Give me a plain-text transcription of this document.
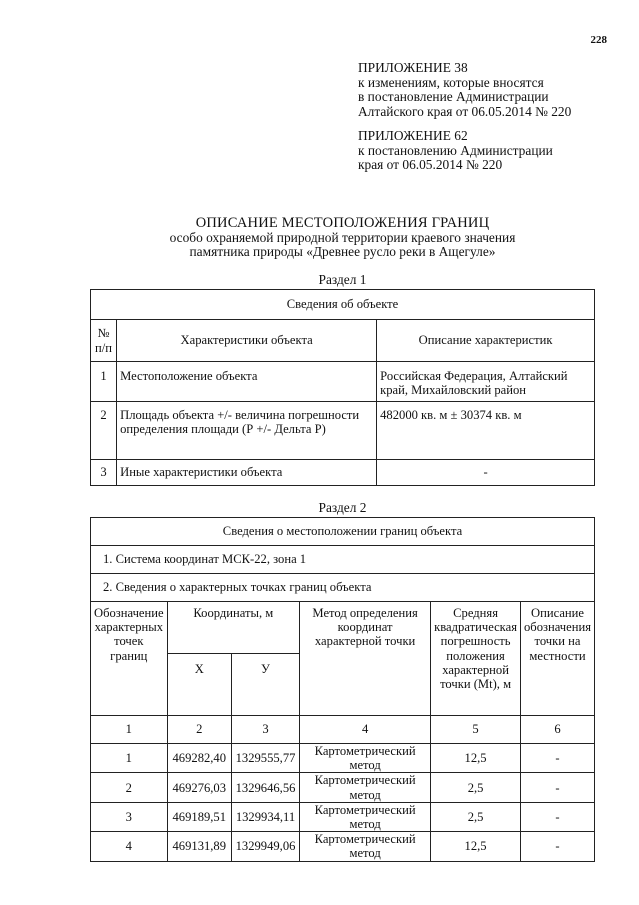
228
ПРИЛОЖЕНИЕ 38
к изменениям, которые вносятся
в постановление Администрации
Алтайского края от 06.05.2014 № 220
ПРИЛОЖЕНИЕ 62
к постановлению Администрации
края от 06.05.2014 № 220
ОПИСАНИЕ МЕСТОПОЛОЖЕНИЯ ГРАНИЦ
особо охраняемой природной территории краевого значения
памятника природы «Древнее русло реки в Ащегуле»
Раздел 1
Сведения об объекте		
№ п/п	Характеристики объекта	Описание характеристик
1	Местоположение объекта	Российская Федерация, Алтайский край, Михайловский район
2	Площадь объекта +/- величина погрешности определения площади (Р +/- Дельта Р)	482000 кв. м ± 30374 кв. м
3	Иные характеристики объекта	-
Раздел 2
Сведения о местоположении границ объекта					
1. Система координат МСК-22, зона 1					
2. Сведения о характерных точках границ объекта					
Обозначение характерных точек границ	Координаты, м		Метод определения координат характерной точки	Средняя квадратическая погрешность положения характерной точки (Mt), м	Описание обозначения точки на местности
	X	У			
1	2	3	4	5	6
1	469282,40	1329555,77	Картометрический метод	12,5	-
2	469276,03	1329646,56	Картометрический метод	2,5	-
3	469189,51	1329934,11	Картометрический метод	2,5	-
4	469131,89	1329949,06	Картометрический метод	12,5	-
